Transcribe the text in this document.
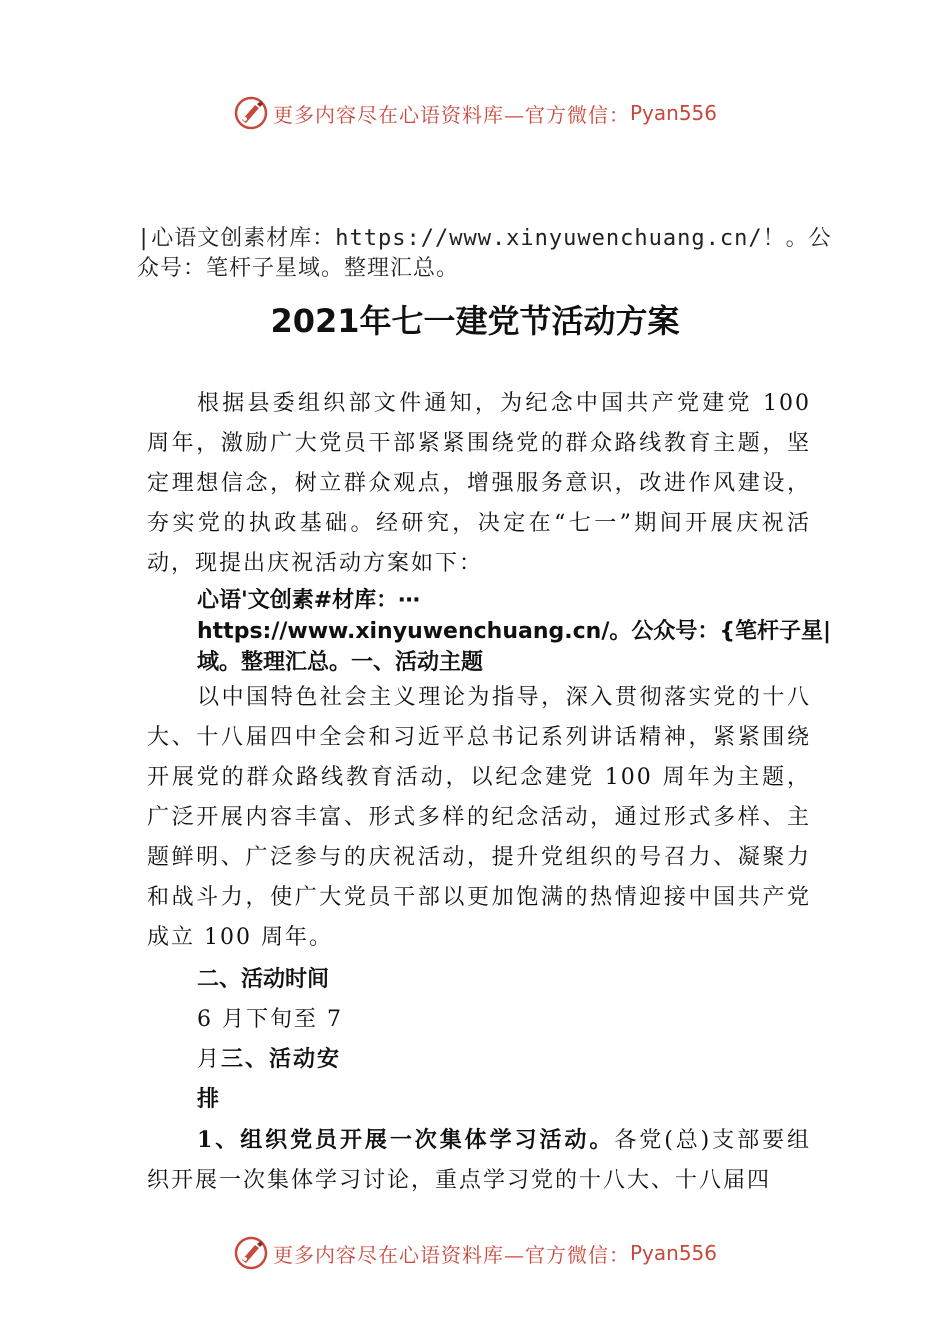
更多内容尽在心语资料库—官方微信： Pyan556
|心语文创素材库：https://www.xinyuwenchuang.cn/！。公众号：笔杆子星域。整理汇总。
2021年七一建党节活动方案

根据县委组织部文件通知，为纪念中国共产党建党 100 周年，激励广大党员干部紧紧围绕党的群众路线教育主题，坚定理想信念，树立群众观点，增强服务意识，改进作风建设，夯实党的执政基础。经研究，决定在“七一”期间开展庆祝活动，现提出庆祝活动方案如下：

心语'文创素#材库：⋯https://www.xinyuwenchuang.cn/。公众号：{笔杆子星|域。整理汇总。一、活动主题

以中国特色社会主义理论为指导，深入贯彻落实党的十八大、十八届四中全会和习近平总书记系列讲话精神，紧紧围绕开展党的群众路线教育活动，以纪念建党 100 周年为主题，广泛开展内容丰富、形式多样的纪念活动，通过形式多样、主题鲜明、广泛参与的庆祝活动，提升党组织的号召力、凝聚力和战斗力，使广大党员干部以更加饱满的热情迎接中国共产党成立 100 周年。

二、活动时间
6 月下旬至 7
月三、活动安
排

1、组织党员开展一次集体学习活动。各党(总)支部要组织开展一次集体学习讨论，重点学习党的十八大、十八届四

更多内容尽在心语资料库—官方微信： Pyan556
